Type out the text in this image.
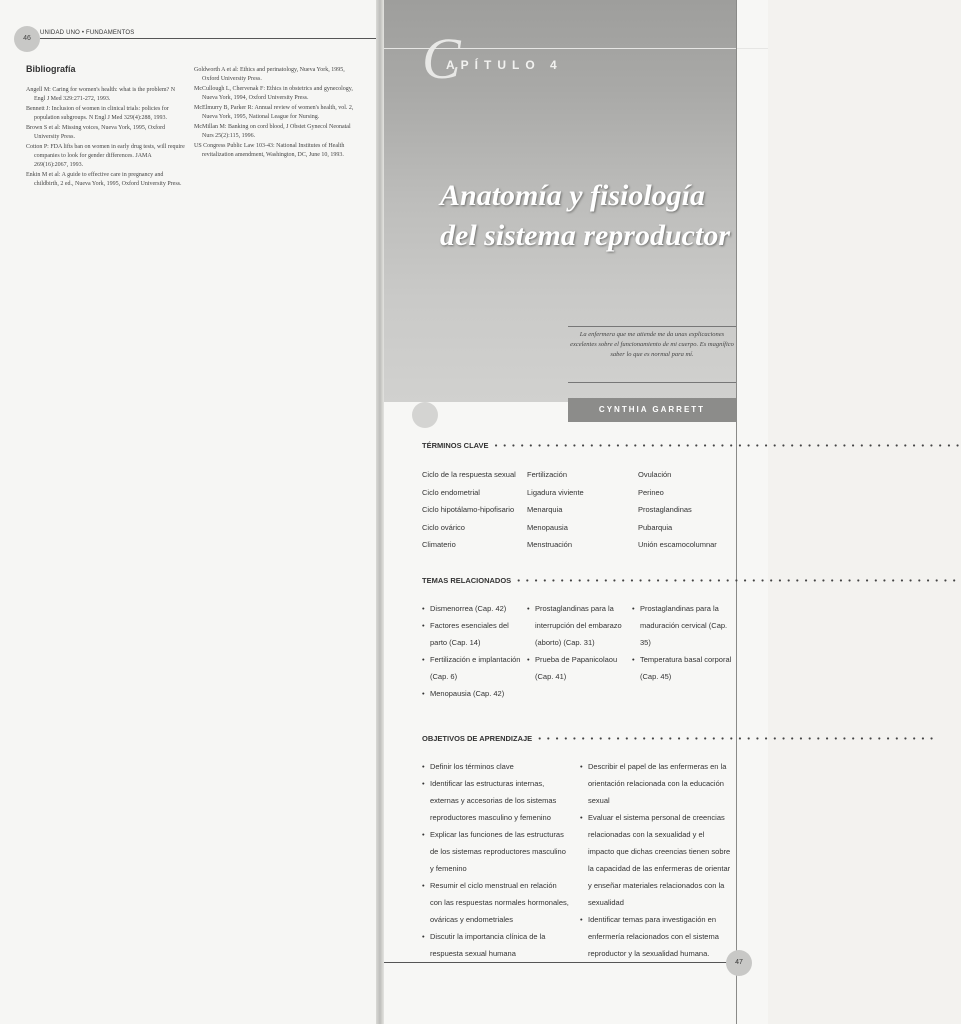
46
UNIDAD UNO • FUNDAMENTOS
Bibliografía

Angell M: Caring for women's health: what is the problem? N Engl J Med 329:271-272, 1993.

Bennett J: Inclusion of women in clinical trials: policies for population subgroups. N Engl J Med 329(4):288, 1993.

Brown S et al: Missing voices, Nueva York, 1995, Oxford University Press.

Cotton P: FDA lifts ban on women in early drug tests, will require companies to look for gender differences. JAMA 269(16):2067, 1993.

Enkin M et al: A guide to effective care in pregnancy and childbirth, 2 ed., Nueva York, 1995, Oxford University Press.

Goldworth A et al: Ethics and perinatology, Nueva York, 1995, Oxford University Press.

McCullough L, Chervenak F: Ethics in obstetrics and gynecology, Nueva York, 1994, Oxford University Press.

McElmurry B, Parker R: Annual review of women's health, vol. 2, Nueva York, 1995, National League for Nursing.

McMillan M: Banking on cord blood, J Obstet Gynecol Neonatal Nurs 25(2):115, 1996.

US Congress Public Law 103-43: National Institutes of Health revitalization amendment, Washington, DC, June 10, 1993.

C
APÍTULO 4
Anatomía y fisiología
del sistema reproductor
La enfermera que me atiende me da unas explicaciones excelentes sobre el funcionamiento de mi cuerpo. Es magnífico saber lo que es normal para mí.
CYNTHIA GARRETT
TÉRMINOS CLAVE  • • • • • • • • • • • • • • • • • • • • • • • • • • • • • • • • • • • • • • • • • • • • • • • • • • • • • •
Ciclo de la respuesta sexual
Ciclo endometrial
Ciclo hipotálamo-hipofisario
Ciclo ovárico
Climaterio
Fertilización
Ligadura viviente
Menarquia
Menopausia
Menstruación
Ovulación
Perineo
Prostaglandinas
Pubarquia
Unión escamocolumnar
TEMAS RELACIONADOS  • • • • • • • • • • • • • • • • • • • • • • • • • • • • • • • • • • • • • • • • • • • • • • • • • • •
• Dismenorrea (Cap. 42)
• Factores esenciales del parto (Cap. 14)
• Fertilización e implantación (Cap. 6)
• Menopausia (Cap. 42)
• Prostaglandinas para la interrupción del embarazo (aborto) (Cap. 31)
• Prueba de Papanicolaou (Cap. 41)
• Prostaglandinas para la maduración cervical (Cap. 35)
• Temperatura basal corporal (Cap. 45)
OBJETIVOS DE APRENDIZAJE  • • • • • • • • • • • • • • • • • • • • • • • • • • • • • • • • • • • • • • • • • • • • • •
• Definir los términos clave
• Identificar las estructuras internas, externas y accesorias de los sistemas reproductores masculino y femenino
• Explicar las funciones de las estructuras de los sistemas reproductores masculino y femenino
• Resumir el ciclo menstrual en relación con las respuestas normales hormonales, ováricas y endometriales
• Discutir la importancia clínica de la respuesta sexual humana
• Describir el papel de las enfermeras en la orientación relacionada con la educación sexual
• Evaluar el sistema personal de creencias relacionadas con la sexualidad y el impacto que dichas creencias tienen sobre la capacidad de las enfermeras de orientar y enseñar materiales relacionados con la sexualidad
• Identificar temas para investigación en enfermería relacionados con el sistema reproductor y la sexualidad humana.
47
